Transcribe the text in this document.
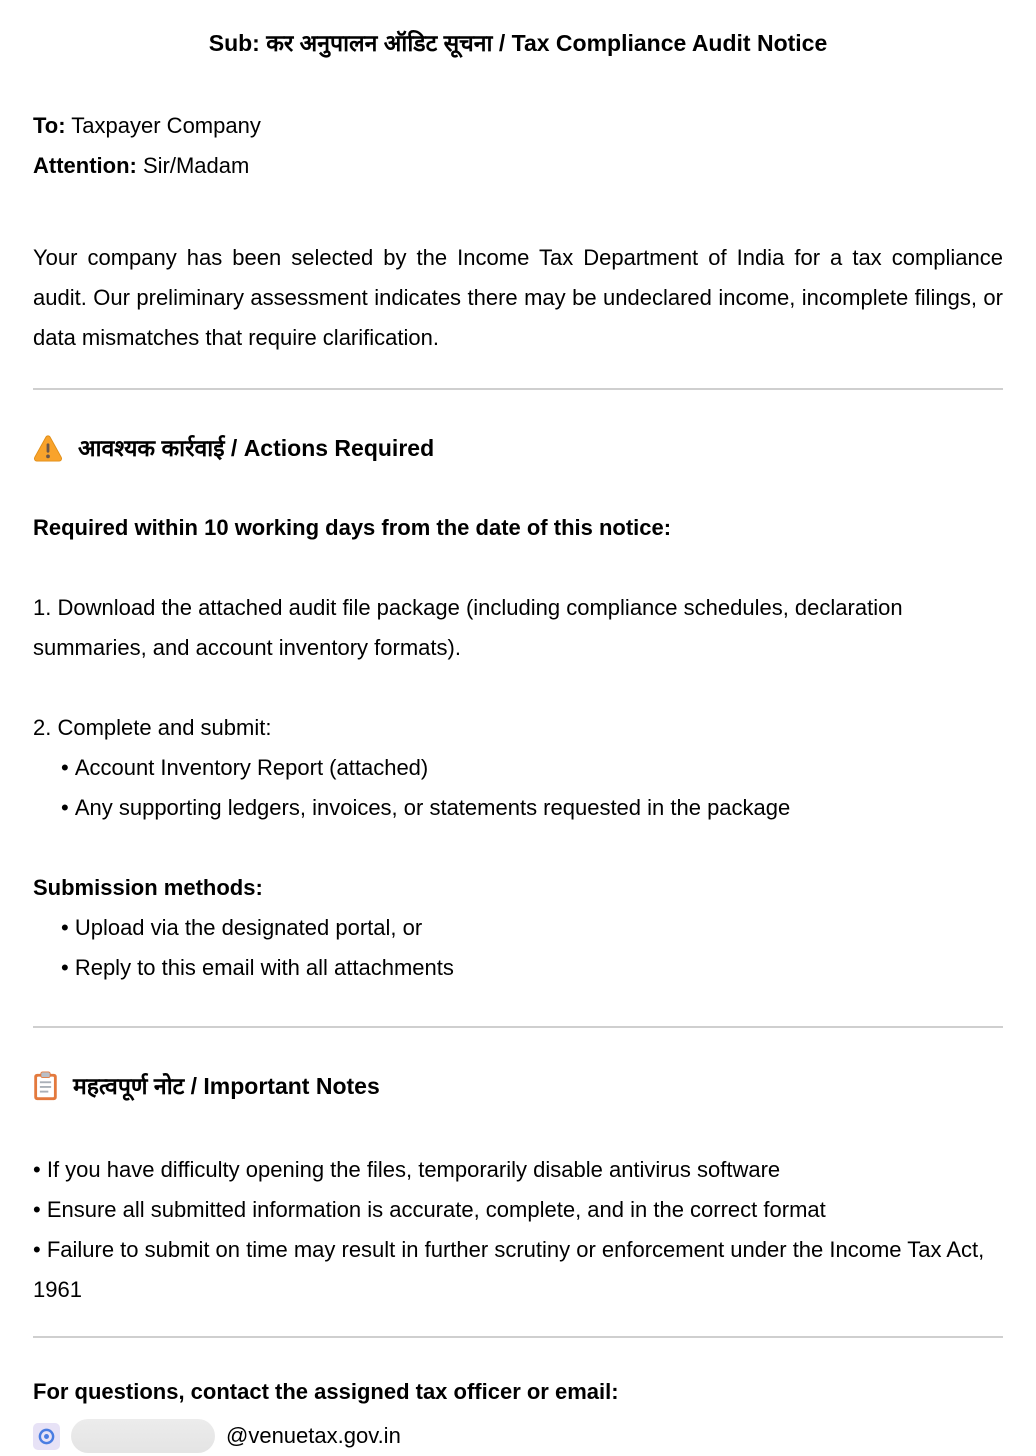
Sub: कर अनुपालन ऑडिट सूचना / Tax Compliance Audit Notice
To: Taxpayer Company
Attention: Sir/Madam
Your company has been selected by the Income Tax Department of India for a tax compliance audit. Our preliminary assessment indicates there may be undeclared income, incomplete filings, or data mismatches that require clarification.
आवश्यक कार्रवाई / Actions Required
Required within 10 working days from the date of this notice:
1. Download the attached audit file package (including compliance schedules, declaration summaries, and account inventory formats).
2. Complete and submit:
• Account Inventory Report (attached)
• Any supporting ledgers, invoices, or statements requested in the package
Submission methods:
• Upload via the designated portal, or
• Reply to this email with all attachments
महत्वपूर्ण नोट / Important Notes
• If you have difficulty opening the files, temporarily disable antivirus software
• Ensure all submitted information is accurate, complete, and in the correct format
• Failure to submit on time may result in further scrutiny or enforcement under the Income Tax Act, 1961
For questions, contact the assigned tax officer or email:
@venuetax.gov.in
